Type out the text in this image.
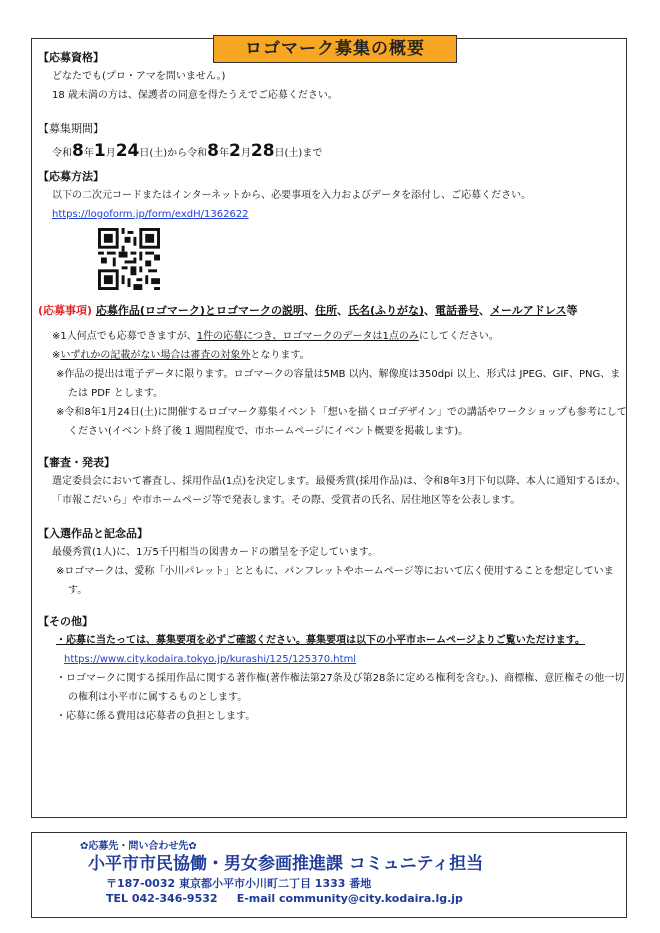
ロゴマーク募集の概要

【応募資格】

どなたでも(プロ・アマを問いません。)

18 歳未満の方は、保護者の同意を得たうえでご応募ください。

【募集期間】

令和8年1月24日(土)から令和8年2月28日(土)まで

【応募方法】

以下の二次元コードまたはインターネットから、必要事項を入力およびデータを添付し、ご応募ください。

https://logoform.jp/form/exdH/1362622

(応募事項) 応募作品(ロゴマーク)とロゴマークの説明、住所、氏名(ふりがな)、電話番号、メールアドレス等

※1人何点でも応募できますが、1件の応募につき、ロゴマークのデータは1点のみにしてください。

※いずれかの記載がない場合は審査の対象外となります。

※作品の提出は電子データに限ります。ロゴマークの容量は5MB 以内、解像度は350dpi 以上、形式は JPEG、GIF、PNG、または PDF とします。

※令和8年1月24日(土)に開催するロゴマーク募集イベント「想いを描くロゴデザイン」での講話やワークショップも参考にしてください(イベント終了後 1 週間程度で、市ホームページにイベント概要を掲載します)。

【審査・発表】

選定委員会において審査し、採用作品(1点)を決定します。最優秀賞(採用作品)は、令和8年3月下旬以降、本人に通知するほか、「市報こだいら」や市ホームページ等で発表します。その際、受賞者の氏名、居住地区等を公表します。

【入選作品と記念品】

最優秀賞(1人)に、1万5千円相当の図書カードの贈呈を予定しています。

※ロゴマークは、愛称「小川パレット」とともに、パンフレットやホームページ等において広く使用することを想定しています。

【その他】

・応募に当たっては、募集要項を必ずご確認ください。募集要項は以下の小平市ホームページよりご覧いただけます。

https://www.city.kodaira.tokyo.jp/kurashi/125/125370.html

・ロゴマークに関する採用作品に関する著作権(著作権法第27条及び第28条に定める権利を含む。)、商標権、意匠権その他一切の権利は小平市に属するものとします。

・応募に係る費用は応募者の負担とします。

✿応募先・問い合わせ先✿
小平市市民協働・男女参画推進課 コミュニティ担当
〒187-0032 東京都小平市小川町二丁目 1333 番地
TEL 042-346-9532 E-mail community@city.kodaira.lg.jp
